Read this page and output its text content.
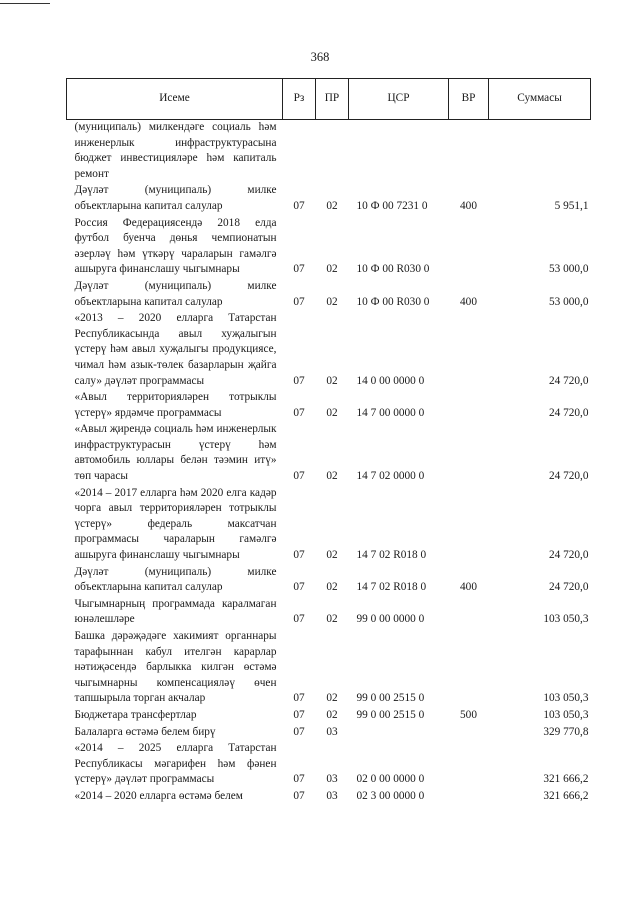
368
Исеме	Рз	ПР	ЦСР	ВР	Суммасы
(муниципаль) милкендәге социаль һәм инженерлык инфраструктурасына бюджет инвестицияләре һәм капиталь ремонт					
Дәүләт (муниципаль) милке объектларына капитал салулар	07	02	10 Ф 00 7231 0	400	5 951,1
Россия Федерациясендә 2018 елда футбол буенча дөнья чемпионатын әзерләү һәм үткәрү чараларын гамәлгә ашыруга финанслашу чыгымнары	07	02	10 Ф 00 R030 0		53 000,0
Дәүләт (муниципаль) милке объектларына капитал салулар	07	02	10 Ф 00 R030 0	400	53 000,0
«2013 – 2020 елларга Татарстан Республикасында авыл хуҗалыгын үстерү һәм авыл хуҗалыгы продукциясе, чимал һәм азык-төлек базарларын җайга салу» дәүләт программасы	07	02	14 0 00 0000 0		24 720,0
«Авыл территорияләрен тотрыклы үстерү» ярдәмче программасы	07	02	14 7 00 0000 0		24 720,0
«Авыл җирендә социаль һәм инженерлык инфраструктурасын үстерү һәм автомобиль юллары белән тәэмин итү» төп чарасы	07	02	14 7 02 0000 0		24 720,0
«2014 – 2017 елларга һәм 2020 елга кадәр чорга авыл территорияләрен тотрыклы үстерү» федераль максатчан программасы чараларын гамәлгә ашыруга финанслашу чыгымнары	07	02	14 7 02 R018 0		24 720,0
Дәүләт (муниципаль) милке объектларына капитал салулар	07	02	14 7 02 R018 0	400	24 720,0
Чыгымнарның программада каралмаган юнәлешләре	07	02	99 0 00 0000 0		103 050,3
Башка дәрәҗәдәге хакимият органнары тарафыннан кабул ителгән карарлар нәтиҗәсендә барлыкка килгән өстәмә чыгымнарны компенсацияләү өчен тапшырыла торган акчалар	07	02	99 0 00 2515 0		103 050,3
Бюджетара трансфертлар	07	02	99 0 00 2515 0	500	103 050,3
Балаларга өстәмә белем бирү	07	03			329 770,8
«2014 – 2025 елларга Татарстан Республикасы мәгарифен һәм фәнен үстерү» дәүләт программасы	07	03	02 0 00 0000 0		321 666,2
«2014 – 2020 елларга өстәмә белем	07	03	02 3 00 0000 0		321 666,2
